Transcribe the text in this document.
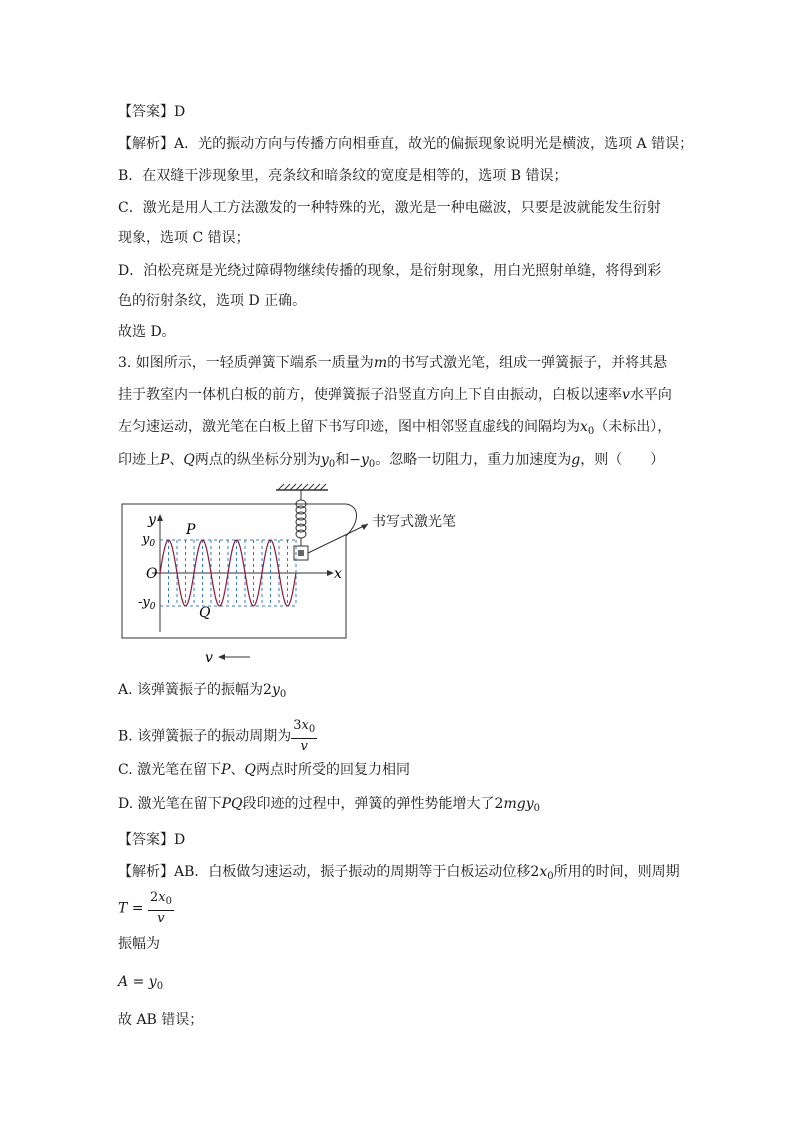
【答案】D
【解析】A．光的振动方向与传播方向相垂直，故光的偏振现象说明光是横波，选项 A 错误；
B．在双缝干涉现象里，亮条纹和暗条纹的宽度是相等的，选项 B 错误；
C．激光是用人工方法激发的一种特殊的光，激光是一种电磁波，只要是波就能发生衍射
现象，选项 C 错误；
D．泊松亮斑是光绕过障碍物继续传播的现象，是衍射现象，用白光照射单缝，将得到彩
色的衍射条纹，选项 D 正确。
故选 D。
3. 如图所示，一轻质弹簧下端系一质量为m的书写式激光笔，组成一弹簧振子，并将其悬
挂于教室内一体机白板的前方，使弹簧振子沿竖直方向上下自由振动，白板以速率v水平向
左匀速运动，激光笔在白板上留下书写印迹，图中相邻竖直虚线的间隔均为$x_0$（未标出），
印迹上P、Q两点的纵坐标分别为$y_0$和$-y_0$。忽略一切阻力，重力加速度为g，则（　　）
书写式激光笔
y
$y_0$
P
O	x
$-y_0$	Q
v
A. 该弹簧振子的振幅为$2y_0$
B. 该弹簧振子的振动周期为 $\frac{3x_0}{v}$
C. 激光笔在留下P、Q两点时所受的回复力相同
D. 激光笔在留下PQ段印迹的过程中，弹簧的弹性势能增大了2mgy$_0$
【答案】D
【解析】AB．白板做匀速运动，振子振动的周期等于白板运动位移$2x_0$所用的时间，则周期
$T = \frac{2x_0}{v}$
振幅为
$A = y_0$
故 AB 错误；
